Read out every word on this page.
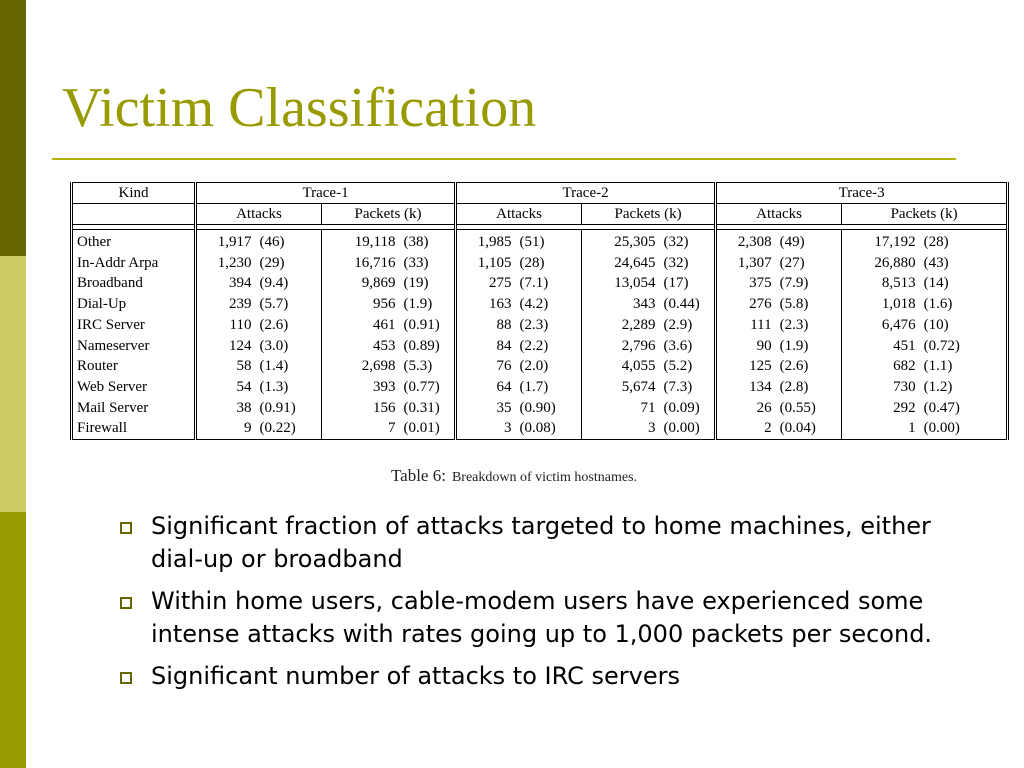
Victim Classification
Kind	Trace-1				Trace-2				Trace-3			
	Attacks		Packets (k)		Attacks		Packets (k)		Attacks		Packets (k)	

Other	1,917	(46)	19,118	(38)	1,985	(51)	25,305	(32)	2,308	(49)	17,192	(28)
In-Addr Arpa	1,230	(29)	16,716	(33)	1,105	(28)	24,645	(32)	1,307	(27)	26,880	(43)
Broadband	394	(9.4)	9,869	(19)	275	(7.1)	13,054	(17)	375	(7.9)	8,513	(14)
Dial-Up	239	(5.7)	956	(1.9)	163	(4.2)	343	(0.44)	276	(5.8)	1,018	(1.6)
IRC Server	110	(2.6)	461	(0.91)	88	(2.3)	2,289	(2.9)	111	(2.3)	6,476	(10)
Nameserver	124	(3.0)	453	(0.89)	84	(2.2)	2,796	(3.6)	90	(1.9)	451	(0.72)
Router	58	(1.4)	2,698	(5.3)	76	(2.0)	4,055	(5.2)	125	(2.6)	682	(1.1)
Web Server	54	(1.3)	393	(0.77)	64	(1.7)	5,674	(7.3)	134	(2.8)	730	(1.2)
Mail Server	38	(0.91)	156	(0.31)	35	(0.90)	71	(0.09)	26	(0.55)	292	(0.47)
Firewall	9	(0.22)	7	(0.01)	3	(0.08)	3	(0.00)	2	(0.04)	1	(0.00)
Table 6: Breakdown of victim hostnames.
Significant fraction of attacks targeted to home machines, either dial-up or broadband
Within home users, cable-modem users have experienced some intense attacks with rates going up to 1,000 packets per second.
Significant number of attacks to IRC servers
